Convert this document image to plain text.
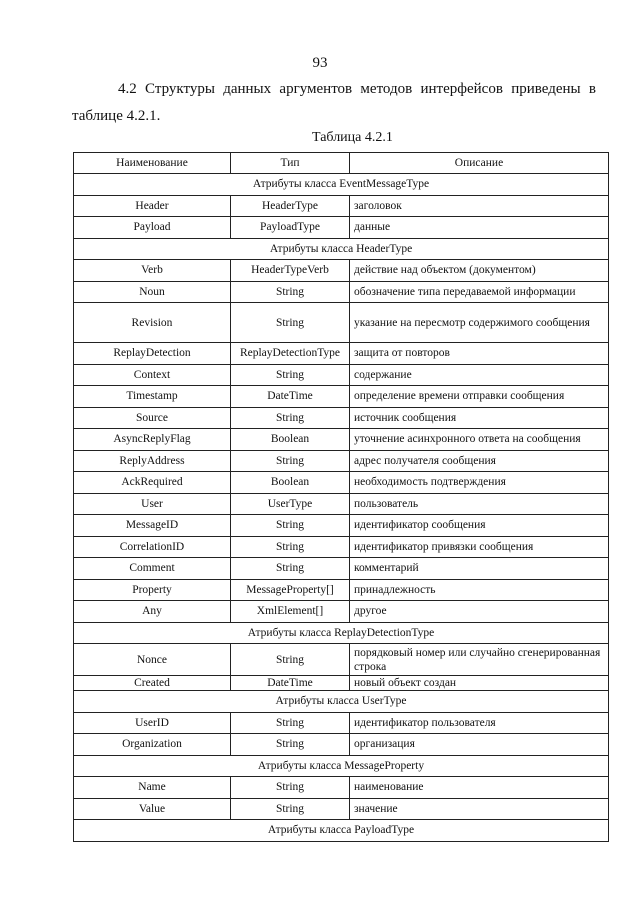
93
4.2 Структуры данных аргументов методов интерфейсов приведены в
таблице 4.2.1.
Таблица 4.2.1
Наименование	Тип	Описание
Атрибуты класса EventMessageType		
Header	HeaderType	заголовок
Payload	PayloadType	данные
Атрибуты класса HeaderType		
Verb	HeaderTypeVerb	действие над объектом (документом)
Noun	String	обозначение типа передаваемой информации
Revision	String	указание на пересмотр содержимого сообщения
ReplayDetection	ReplayDetectionType	защита от повторов
Context	String	содержание
Timestamp	DateTime	определение времени отправки сообщения
Source	String	источник сообщения
AsyncReplyFlag	Boolean	уточнение асинхронного ответа на сообщения
ReplyAddress	String	адрес получателя сообщения
AckRequired	Boolean	необходимость подтверждения
User	UserType	пользователь
MessageID	String	идентификатор сообщения
CorrelationID	String	идентификатор привязки сообщения
Comment	String	комментарий
Property	MessageProperty[]	принадлежность
Any	XmlElement[]	другое
Атрибуты класса ReplayDetectionType		
Nonce	String	порядковый номер или случайно сгенерированная строка
Created	DateTime	новый объект создан
Атрибуты класса UserType		
UserID	String	идентификатор пользователя
Organization	String	организация
Атрибуты класса MessageProperty		
Name	String	наименование
Value	String	значение
Атрибуты класса PayloadType		
